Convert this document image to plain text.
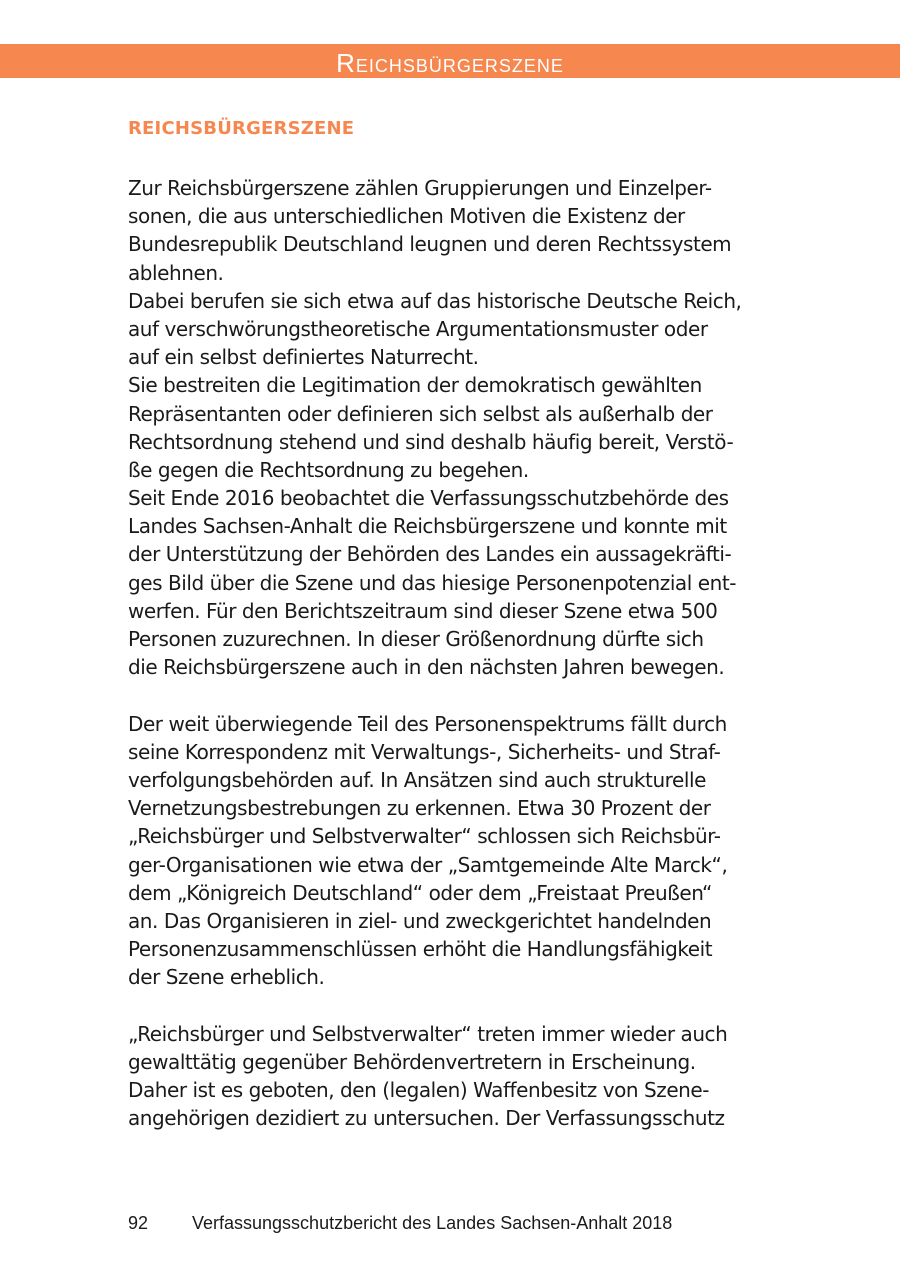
Reichsbürgerszene
REICHSBÜRGERSZENE
Zur Reichsbürgerszene zählen Gruppierungen und Einzelper-
sonen, die aus unterschiedlichen Motiven die Existenz der
Bundesrepublik Deutschland leugnen und deren Rechtssystem
ablehnen.
Dabei berufen sie sich etwa auf das historische Deutsche Reich,
auf verschwörungstheoretische Argumentationsmuster oder
auf ein selbst definiertes Naturrecht.
Sie bestreiten die Legitimation der demokratisch gewählten
Repräsentanten oder definieren sich selbst als außerhalb der
Rechtsordnung stehend und sind deshalb häufig bereit, Verstö-
ße gegen die Rechtsordnung zu begehen.
Seit Ende 2016 beobachtet die Verfassungsschutzbehörde des
Landes Sachsen-Anhalt die Reichsbürgerszene und konnte mit
der Unterstützung der Behörden des Landes ein aussagekräfti-
ges Bild über die Szene und das hiesige Personenpotenzial ent-
werfen. Für den Berichtszeitraum sind dieser Szene etwa 500
Personen zuzurechnen. In dieser Größenordnung dürfte sich
die Reichsbürgerszene auch in den nächsten Jahren bewegen.
Der weit überwiegende Teil des Personenspektrums fällt durch
seine Korrespondenz mit Verwaltungs-, Sicherheits- und Straf-
verfolgungsbehörden auf. In Ansätzen sind auch strukturelle
Vernetzungsbestrebungen zu erkennen. Etwa 30 Prozent der
„Reichsbürger und Selbstverwalter“ schlossen sich Reichsbür-
ger-Organisationen wie etwa der „Samtgemeinde Alte Marck“,
dem „Königreich Deutschland“ oder dem „Freistaat Preußen“
an. Das Organisieren in ziel- und zweckgerichtet handelnden
Personenzusammenschlüssen erhöht die Handlungsfähigkeit
der Szene erheblich.
„Reichsbürger und Selbstverwalter“ treten immer wieder auch
gewalttätig gegenüber Behördenvertretern in Erscheinung.
Daher ist es geboten, den (legalen) Waffenbesitz von Szene-
angehörigen dezidiert zu untersuchen. Der Verfassungsschutz
92 Verfassungsschutzbericht des Landes Sachsen-Anhalt 2018
